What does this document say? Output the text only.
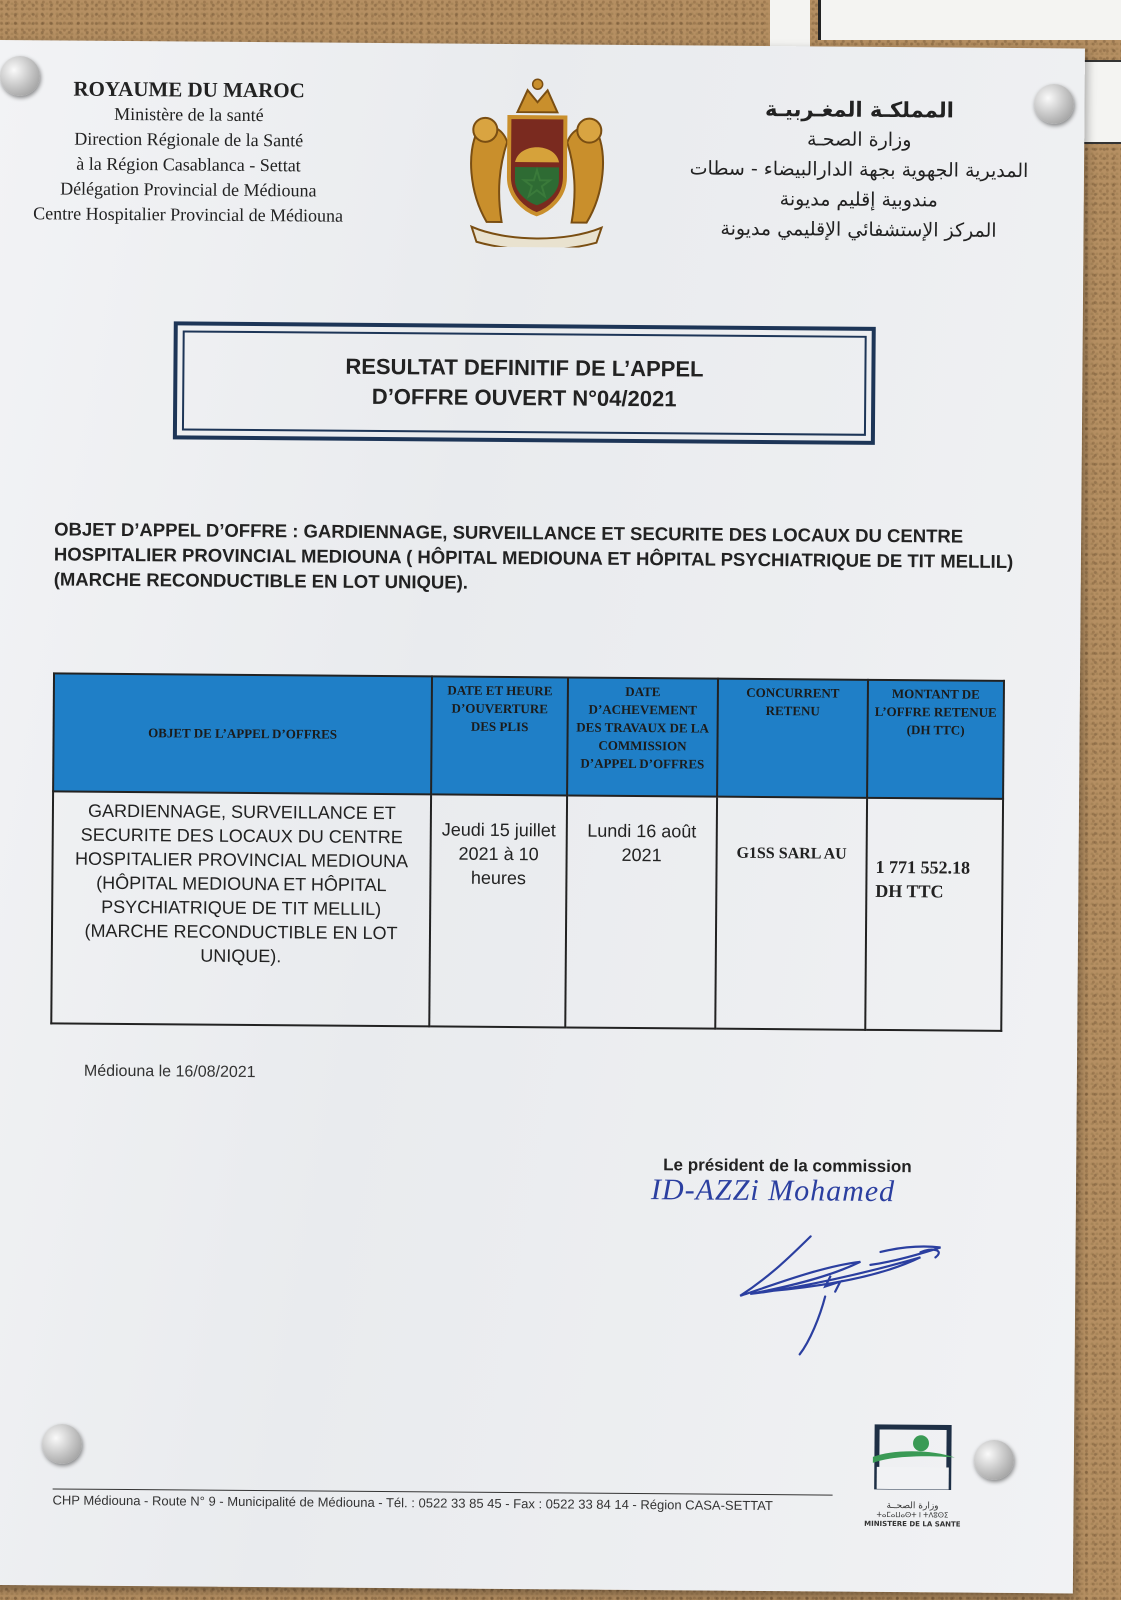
ROYAUME DU MAROC
Ministère de la santé
Direction Régionale de la Santé
à la Région Casablanca - Settat
Délégation Provincial de Médiouna
Centre Hospitalier Provincial de Médiouna
المملكـة المغـربيـة
وزارة الصحـة
المديرية الجهوية بجهة الدارالبيضاء - سطات
مندوبية إقليم مديونة
المركز الإستشفائي الإقليمي مديونة
RESULTAT DEFINITIF DE L’APPEL
D’OFFRE OUVERT N°04/2021
OBJET D’APPEL D’OFFRE : GARDIENNAGE, SURVEILLANCE ET SECURITE DES LOCAUX DU CENTRE HOSPITALIER PROVINCIAL MEDIOUNA ( HÔPITAL MEDIOUNA ET HÔPITAL PSYCHIATRIQUE DE TIT MELLIL) (MARCHE RECONDUCTIBLE EN LOT UNIQUE).
OBJET DE L’APPEL D’OFFRES	DATE ET HEURE D’OUVERTURE DES PLIS	DATE D’ACHEVEMENT DES TRAVAUX DE LA COMMISSION D’APPEL D’OFFRES	CONCURRENT RETENU	MONTANT DE L’OFFRE RETENUE (DH TTC)
GARDIENNAGE, SURVEILLANCE ET SECURITE DES LOCAUX DU CENTRE HOSPITALIER PROVINCIAL MEDIOUNA (HÔPITAL MEDIOUNA ET HÔPITAL PSYCHIATRIQUE DE TIT MELLIL) (MARCHE RECONDUCTIBLE EN LOT UNIQUE).	Jeudi 15 juillet 2021 à 10 heures	Lundi 16 août 2021	G1SS SARL AU	1 771 552.18 DH TTC
Médiouna le 16/08/2021
Le président de la commission
ID-AZZi Mohamed
وزارة الصحــة
ⵜⴰⵎⴰⵡⴰⵙⵜ ⵏ ⵜⴷⵓⵙⵉ
MINISTERE DE LA SANTE
CHP Médiouna - Route N° 9 - Municipalité de Médiouna - Tél. : 0522 33 85 45 - Fax : 0522 33 84 14 - Région CASA-SETTAT
